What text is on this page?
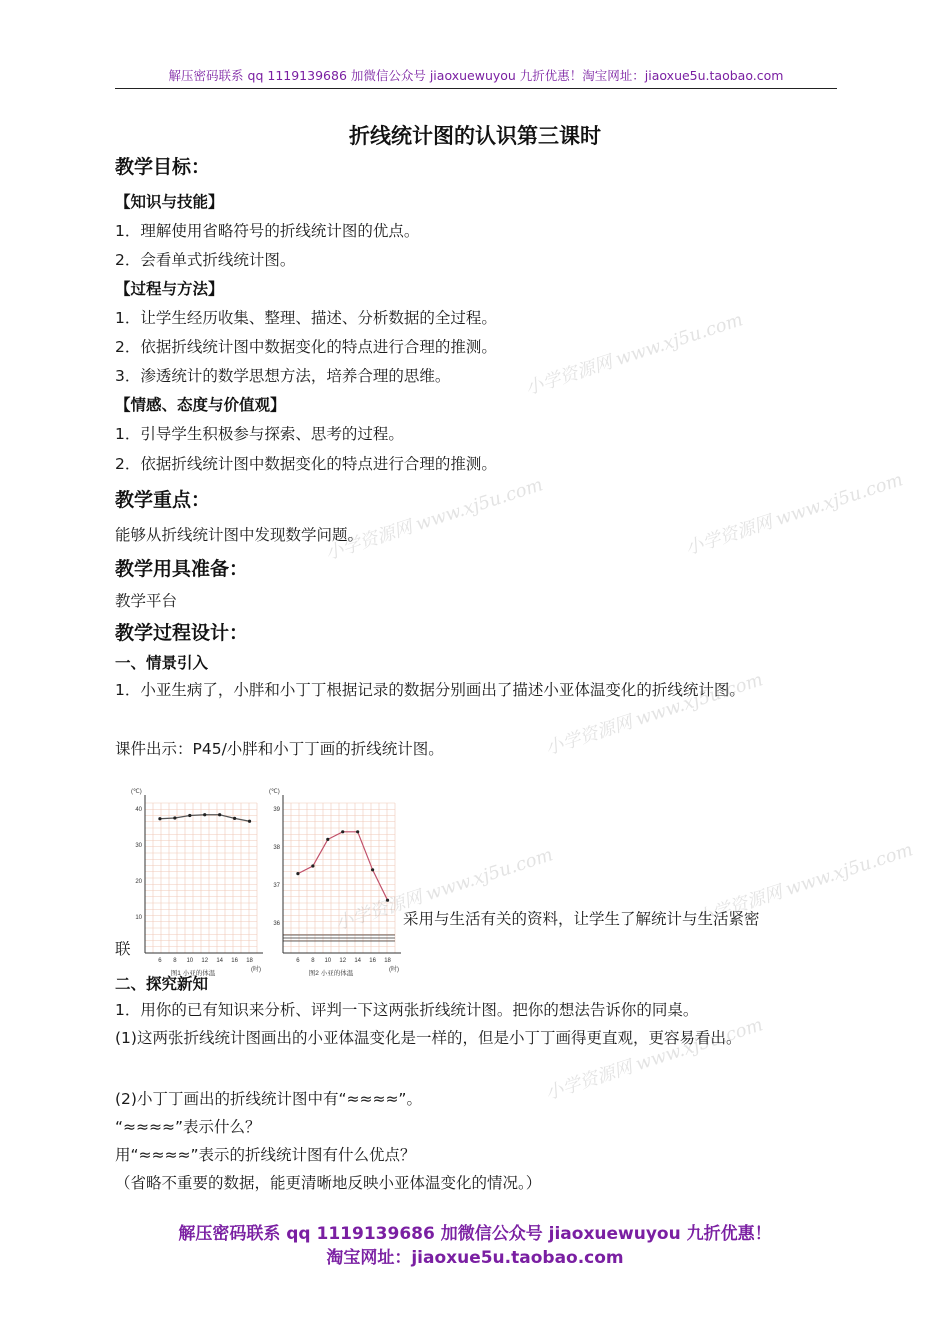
解压密码联系 qq 1119139686 加微信公众号 jiaoxuewuyou 九折优惠！淘宝网址：jiaoxue5u.taobao.com
折线统计图的认识第三课时
教学目标：
【知识与技能】
1．理解使用省略符号的折线统计图的优点。
2．会看单式折线统计图。
【过程与方法】
1．让学生经历收集、整理、描述、分析数据的全过程。
2．依据折线统计图中数据变化的特点进行合理的推测。
3．渗透统计的数学思想方法，培养合理的思维。
【情感、态度与价值观】
1．引导学生积极参与探索、思考的过程。
2．依据折线统计图中数据变化的特点进行合理的推测。
教学重点：
能够从折线统计图中发现数学问题。
教学用具准备：
教学平台
教学过程设计：
一、情景引入
1．小亚生病了，小胖和小丁丁根据记录的数据分别画出了描述小亚体温变化的折线统计图。
课件出示：P45/小胖和小丁丁画的折线统计图。
10
20
30
40
6 8 10 12 14 16 18
(℃)
(时)
图1 小亚的体温
36
37
38
39
6 8 10 12 14 16 18
(℃)
(时)
图2 小亚的体温
采用与生活有关的资料，让学生了解统计与生活紧密
联
二、探究新知
1．用你的已有知识来分析、评判一下这两张折线统计图。把你的想法告诉你的同桌。
(1)这两张折线统计图画出的小亚体温变化是一样的，但是小丁丁画得更直观，更容易看出。
(2)小丁丁画出的折线统计图中有“≈≈≈≈”。
“≈≈≈≈”表示什么？
用“≈≈≈≈”表示的折线统计图有什么优点？
（省略不重要的数据，能更清晰地反映小亚体温变化的情况。）
解压密码联系 qq 1119139686 加微信公众号 jiaoxuewuyou 九折优惠！
淘宝网址：jiaoxue5u.taobao.com
小学资源网 www.xj5u.com
小学资源网 www.xj5u.com
小学资源网 www.xj5u.com
小学资源网 www.xj5u.com
www.xj5u.com
小学资源网 www.xj5u.com
小学资源网 www.xj5u.com
